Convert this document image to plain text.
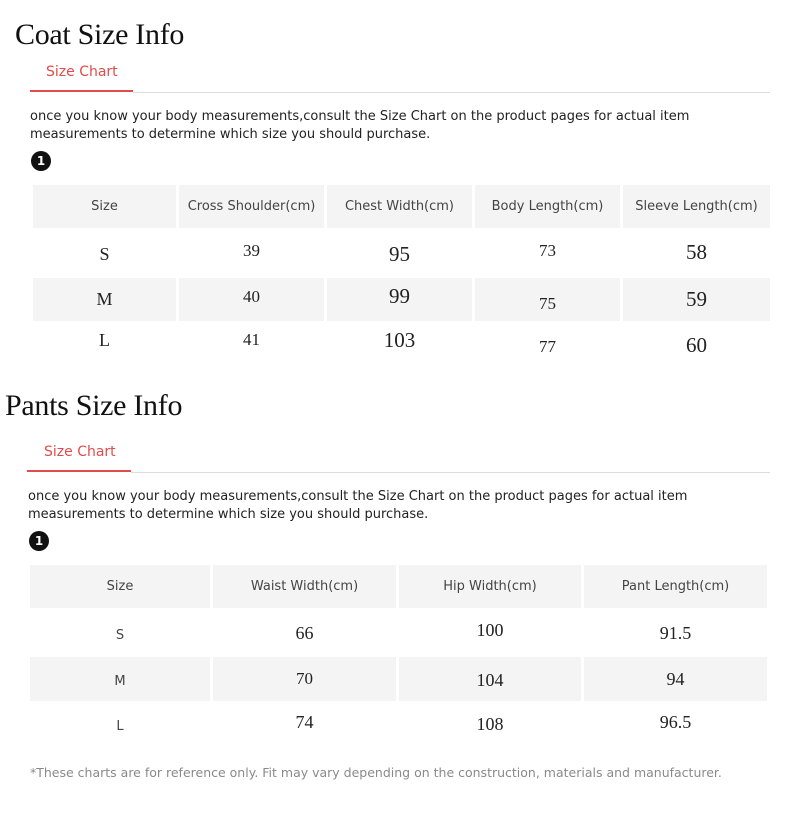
Coat Size Info
Size Chart
once you know your body measurements,consult the Size Chart on the product pages for actual item
measurements to determine which size you should purchase.
1
Size	Cross Shoulder(cm)	Chest Width(cm)	Body Length(cm)	Sleeve Length(cm)
S	39	95	73	58
M	40	99	75	59
L	41	103	77	60
Pants Size Info
Size Chart
once you know your body measurements,consult the Size Chart on the product pages for actual item
measurements to determine which size you should purchase.
1
Size	Waist Width(cm)	Hip Width(cm)	Pant Length(cm)
S	66	100	91.5
M	70	104	94
L	74	108	96.5
*These charts are for reference only. Fit may vary depending on the construction, materials and manufacturer.
